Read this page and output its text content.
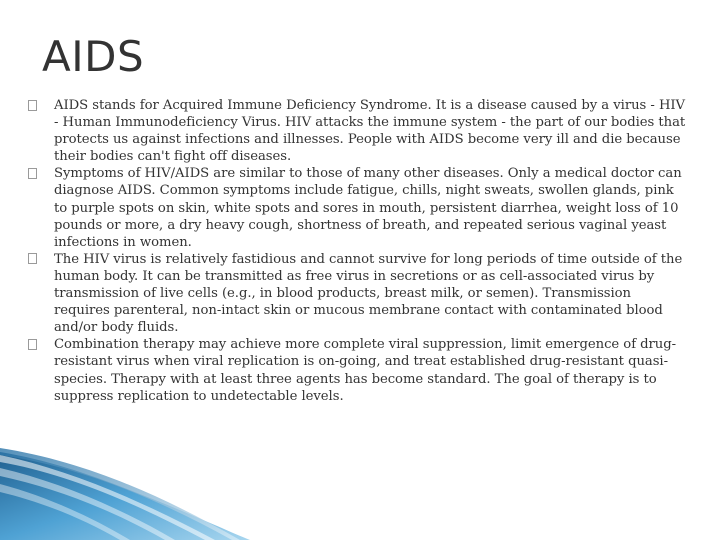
AIDS
AIDS stands for Acquired Immune Deficiency Syndrome. It is a disease caused by a virus - HIV - Human Immunodeficiency Virus. HIV attacks the immune system - the part of our bodies that protects us against infections and illnesses. People with AIDS become very ill and die because their bodies can't fight off diseases.
Symptoms of HIV/AIDS are similar to those of many other diseases. Only a medical doctor can diagnose AIDS. Common symptoms include fatigue, chills, night sweats, swollen glands, pink to purple spots on skin, white spots and sores in mouth, persistent diarrhea, weight loss of 10 pounds or more, a dry heavy cough, shortness of breath, and repeated serious vaginal yeast infections in women.
The HIV virus is relatively fastidious and cannot survive for long periods of time outside of the human body. It can be transmitted as free virus in secretions or as cell-associated virus by transmission of live cells (e.g., in blood products, breast milk, or semen). Transmission requires parenteral, non-intact skin or mucous membrane contact with contaminated blood and/or body fluids.
Combination therapy may achieve more complete viral suppression, limit emergence of drug-resistant virus when viral replication is on-going, and treat established drug-resistant quasi-species. Therapy with at least three agents has become standard. The goal of therapy is to suppress replication to undetectable levels.
